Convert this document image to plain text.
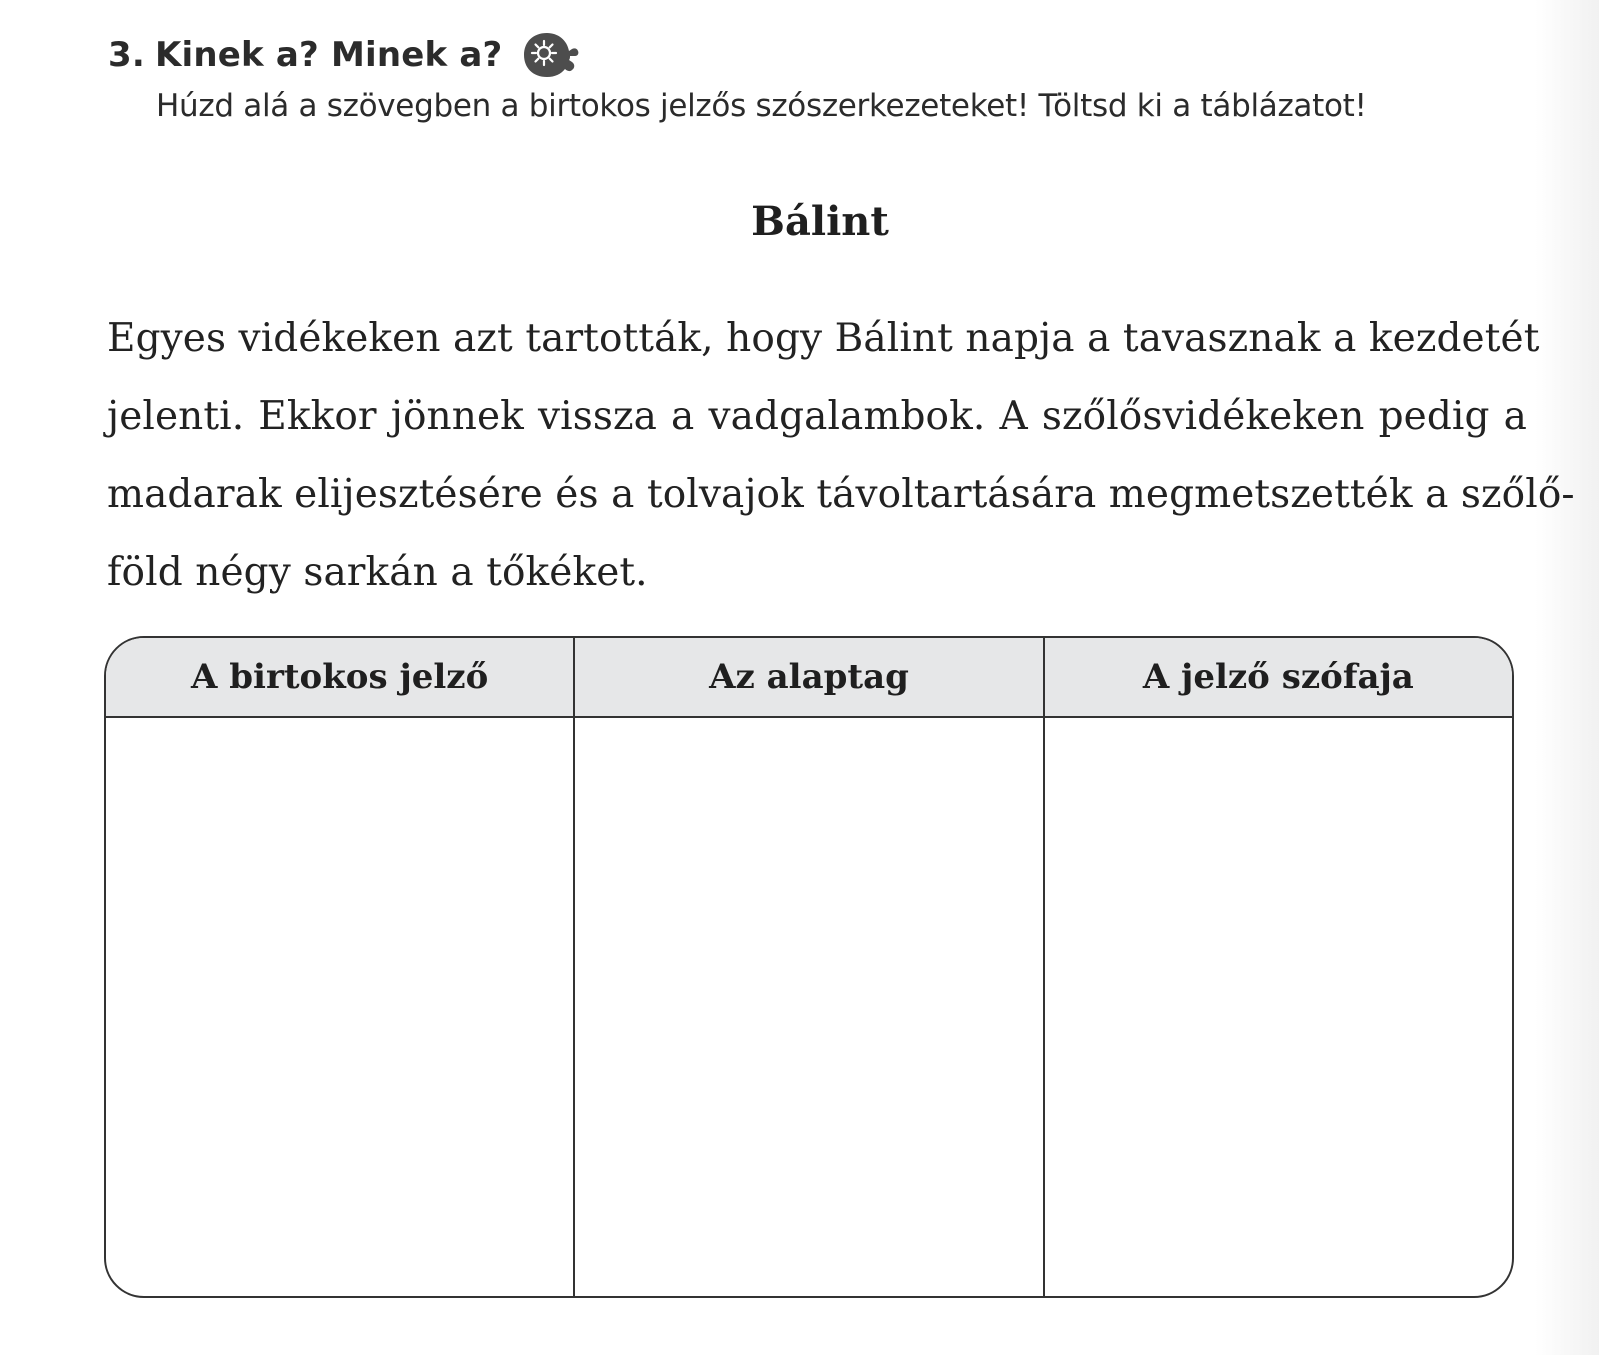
3. Kinek a? Minek a?
Húzd alá a szövegben a birtokos jelzős szószerkezeteket! Töltsd ki a táblázatot!
Bálint
Egyes vidékeken azt tartották, hogy Bálint napja a tavasznak a kezdetét
jelenti. Ekkor jönnek vissza a vadgalambok. A szőlősvidékeken pedig a
madarak elijesztésére és a tolvajok távoltartására megmetszették a szőlő-
föld négy sarkán a tőkéket.
A birtokos jelző	Az alaptag	A jelző szófaja
